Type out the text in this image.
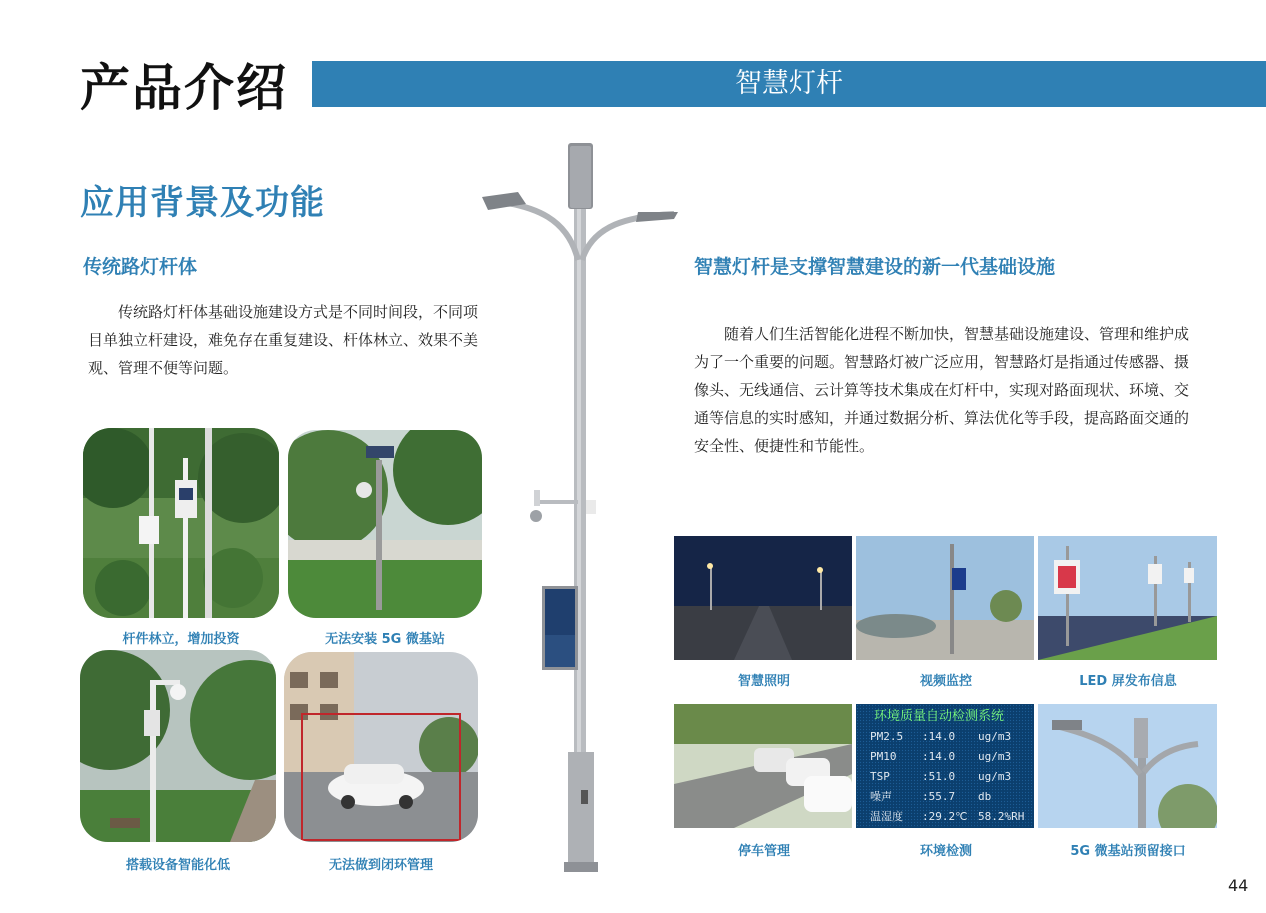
产品介绍	智慧灯杆
应用背景及功能
传统路灯杆体

传统路灯杆体基础设施建设方式是不同时间段，不同项目单独立杆建设，难免存在重复建设、杆体林立、效果不美观、管理不便等问题。

杆件林立，增加投资	无法安装 5G 微基站
搭载设备智能化低	无法做到闭环管理
智慧灯杆是支撑智慧建设的新一代基础设施

随着人们生活智能化进程不断加快，智慧基础设施建设、管理和维护成为了一个重要的问题。智慧路灯被广泛应用，智慧路灯是指通过传感器、摄像头、无线通信、云计算等技术集成在灯杆中，实现对路面现状、环境、交通等信息的实时感知，并通过数据分析、算法优化等手段，提高路面交通的安全性、便捷性和节能性。

智慧照明	视频监控	LED 屏发布信息
停车管理
环境质量自动检测系统
PM2.5 :14.0 ug/m3
PM10 :14.0 ug/m3
TSP	:51.0 ug/m3
噪声	:55.7 db
温湿度 :29.2℃ 58.2%RH
环境检测	5G 微基站预留接口
44
